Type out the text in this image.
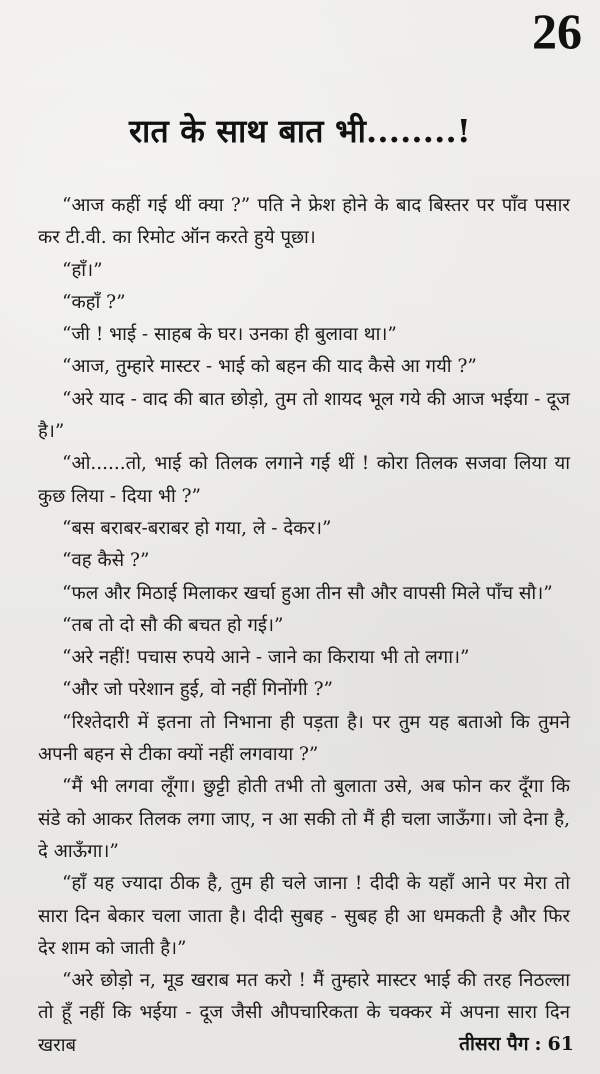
26
रात के साथ बात भी........!

“आज कहीं गई थीं क्या ?” पति ने फ्रेश होने के बाद बिस्तर पर पाँव पसार कर टी.वी. का रिमोट ऑन करते हुये पूछा।

“हाँ।”

“कहाँ ?”

“जी ! भाई - साहब के घर। उनका ही बुलावा था।”

“आज, तुम्हारे मास्टर - भाई को बहन की याद कैसे आ गयी ?”

“अरे याद - वाद की बात छोड़ो, तुम तो शायद भूल गये की आज भईया - दूज है।”

“ओ......तो, भाई को तिलक लगाने गई थीं ! कोरा तिलक सजवा लिया या कुछ लिया - दिया भी ?”

“बस बराबर-बराबर हो गया, ले - देकर।”

“वह कैसे ?”

“फल और मिठाई मिलाकर खर्चा हुआ तीन सौ और वापसी मिले पाँच सौ।”

“तब तो दो सौ की बचत हो गई।”

“अरे नहीं! पचास रुपये आने - जाने का किराया भी तो लगा।”

“और जो परेशान हुई, वो नहीं गिनोंगी ?”

“रिश्तेदारी में इतना तो निभाना ही पड़ता है। पर तुम यह बताओ कि तुमने अपनी बहन से टीका क्यों नहीं लगवाया ?”

“मैं भी लगवा लूँगा। छुट्टी होती तभी तो बुलाता उसे, अब फोन कर दूँगा कि संडे को आकर तिलक लगा जाए, न आ सकी तो मैं ही चला जाऊँगा। जो देना है, दे आऊँगा।”

“हाँ यह ज्यादा ठीक है, तुम ही चले जाना ! दीदी के यहाँ आने पर मेरा तो सारा दिन बेकार चला जाता है। दीदी सुबह - सुबह ही आ धमकती है और फिर देर शाम को जाती है।”

“अरे छोड़ो न, मूड खराब मत करो ! मैं तुम्हारे मास्टर भाई की तरह निठल्ला तो हूँ नहीं कि भईया - दूज जैसी औपचारिकता के चक्कर में अपना सारा दिन खराब	तीसरा पैग : 61
